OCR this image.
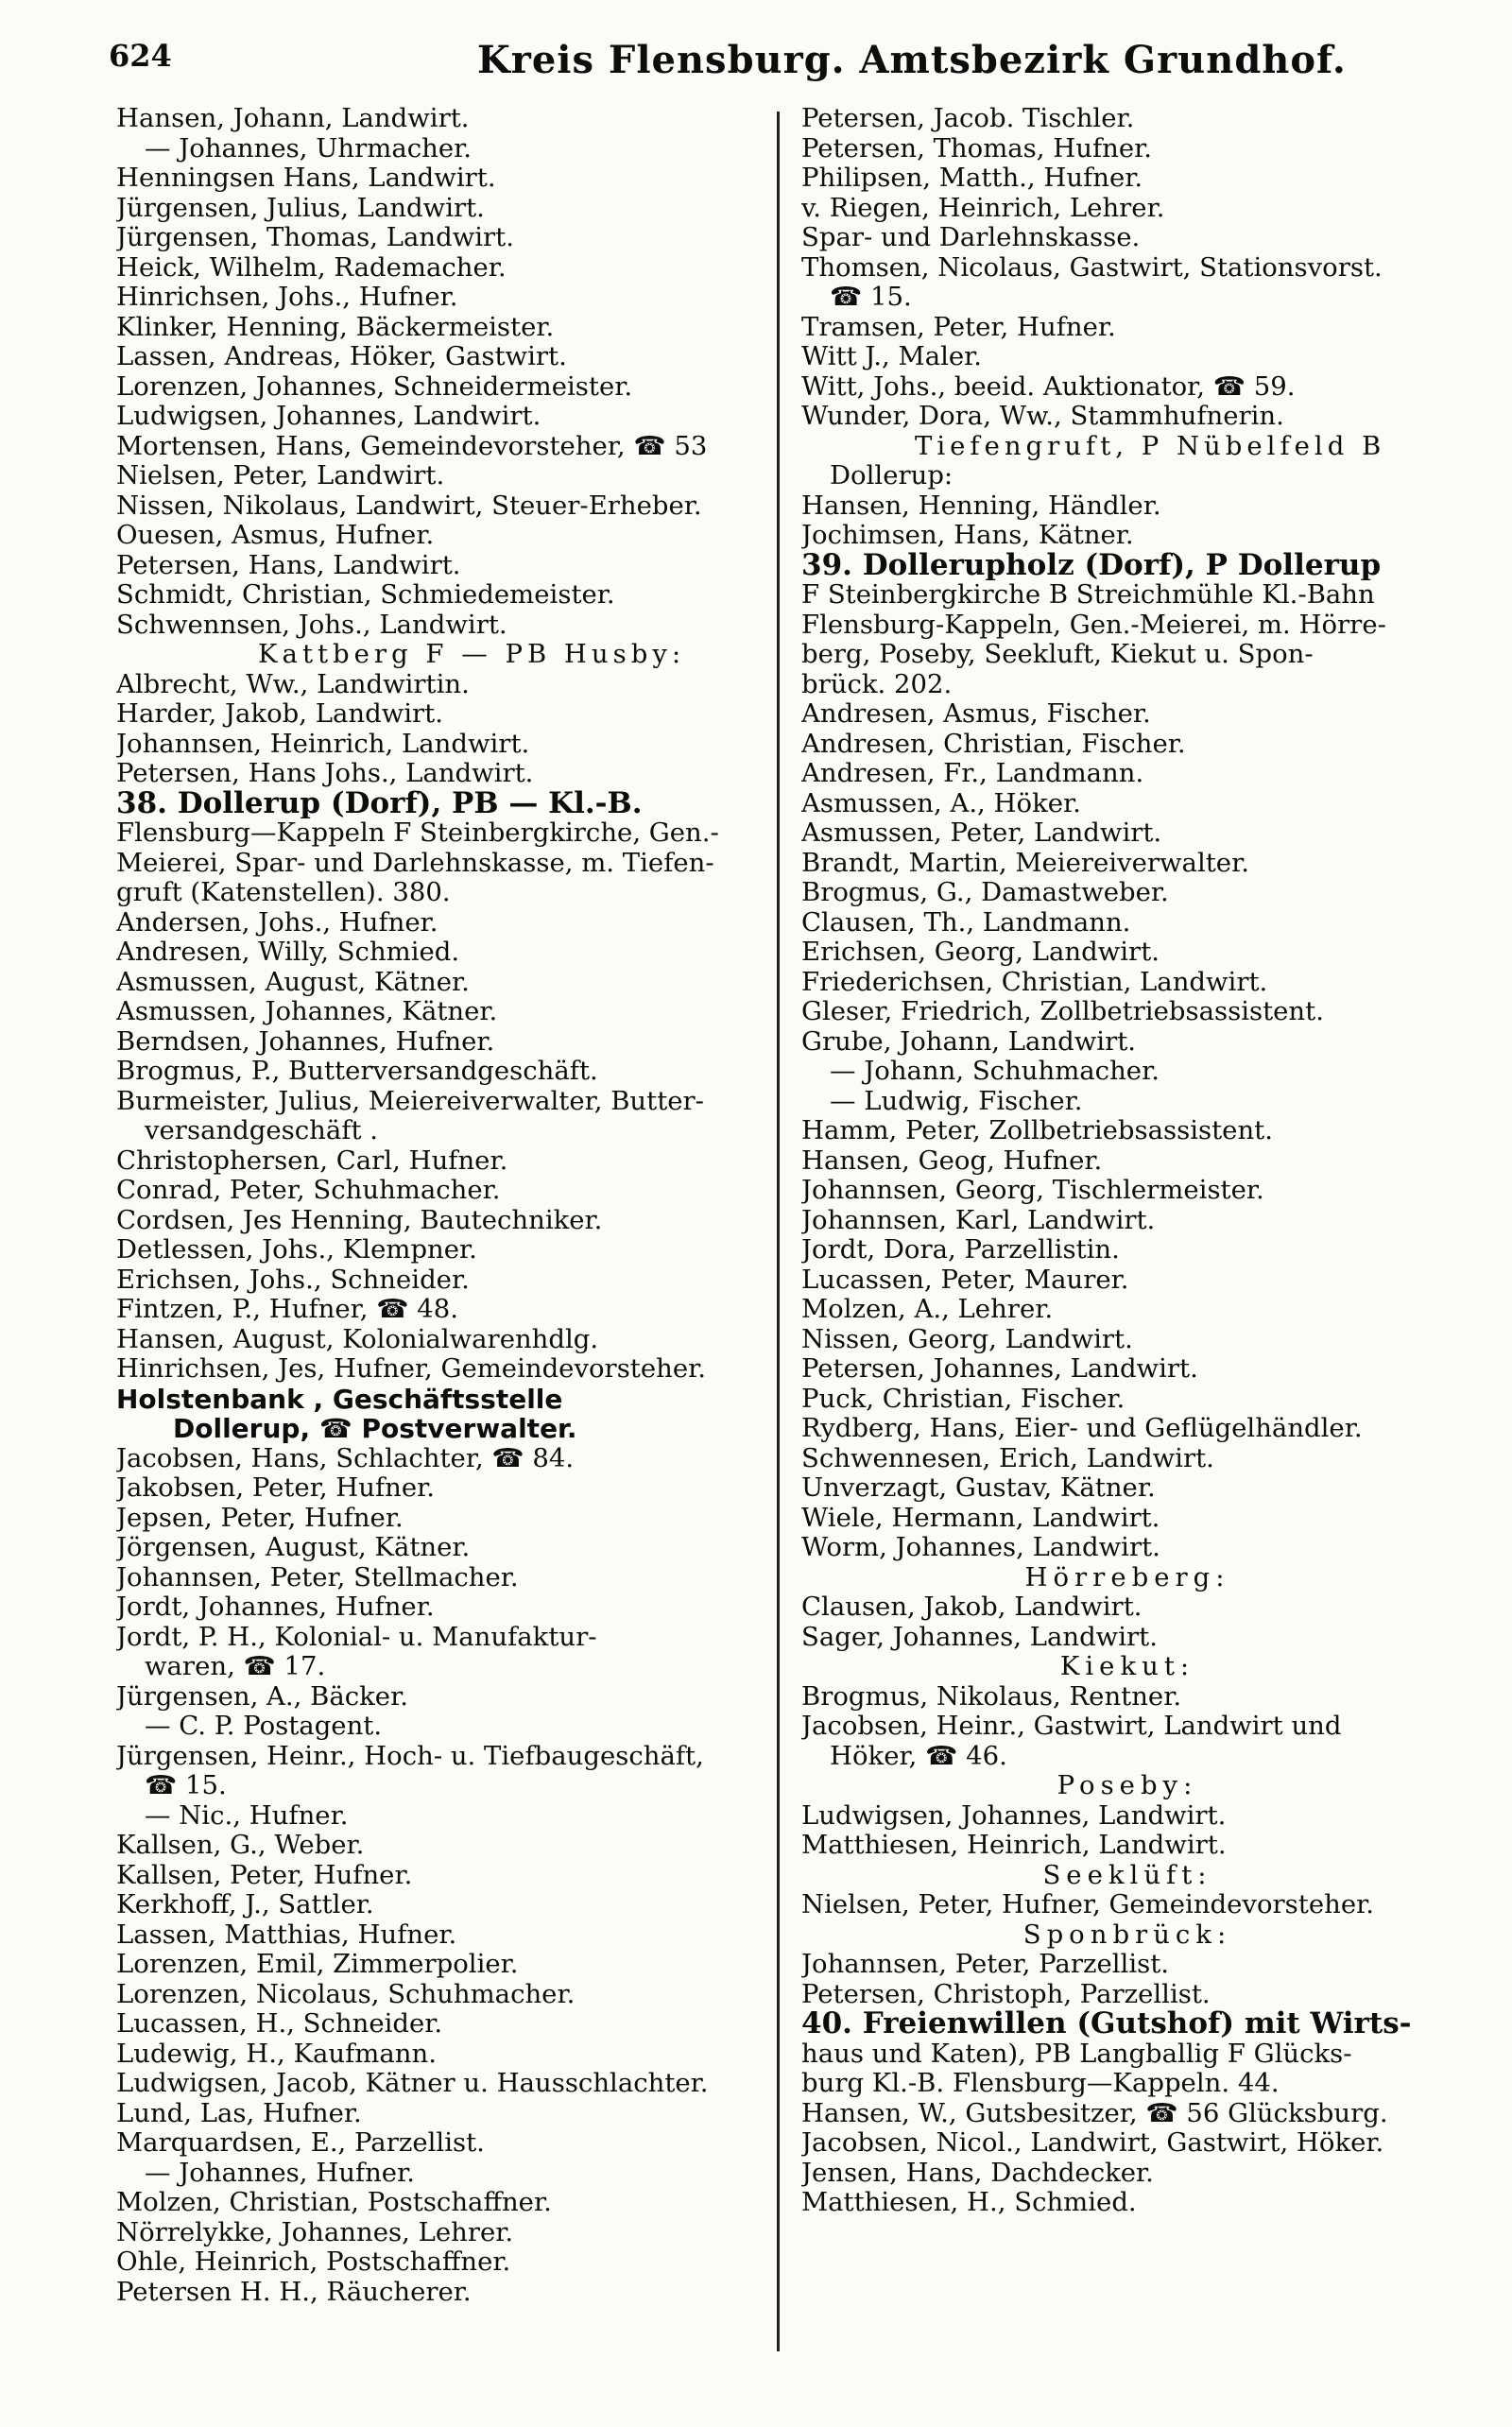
624	Kreis Flensburg. Amtsbezirk Grundhof.
Hansen, Johann, Landwirt.
— Johannes, Uhrmacher.
Henningsen Hans, Landwirt.
Jürgensen, Julius, Landwirt.
Jürgensen, Thomas, Landwirt.
Heick, Wilhelm, Rademacher.
Hinrichsen, Johs., Hufner.
Klinker, Henning, Bäckermeister.
Lassen, Andreas, Höker, Gastwirt.
Lorenzen, Johannes, Schneidermeister.
Ludwigsen, Johannes, Landwirt.
Mortensen, Hans, Gemeindevorsteher, ☎ 53
Nielsen, Peter, Landwirt.
Nissen, Nikolaus, Landwirt, Steuer-Erheber.
Ouesen, Asmus, Hufner.
Petersen, Hans, Landwirt.
Schmidt, Christian, Schmiedemeister.
Schwennsen, Johs., Landwirt.
Kattberg F — PB Husby:
Albrecht, Ww., Landwirtin.
Harder, Jakob, Landwirt.
Johannsen, Heinrich, Landwirt.
Petersen, Hans Johs., Landwirt.
38. Dollerup (Dorf), PB — Kl.-B.
Flensburg—Kappeln F Steinbergkirche, Gen.-
Meierei, Spar- und Darlehnskasse, m. Tiefen-
gruft (Katenstellen). 380.
Andersen, Johs., Hufner.
Andresen, Willy, Schmied.
Asmussen, August, Kätner.
Asmussen, Johannes, Kätner.
Berndsen, Johannes, Hufner.
Brogmus, P., Butterversandgeschäft.
Burmeister, Julius, Meiereiverwalter, Butter-
versandgeschäft .
Christophersen, Carl, Hufner.
Conrad, Peter, Schuhmacher.
Cordsen, Jes Henning, Bautechniker.
Detlessen, Johs., Klempner.
Erichsen, Johs., Schneider.
Fintzen, P., Hufner, ☎ 48.
Hansen, August, Kolonialwarenhdlg.
Hinrichsen, Jes, Hufner, Gemeindevorsteher.
Holstenbank , Geschäftsstelle
Dollerup, ☎ Postverwalter.
Jacobsen, Hans, Schlachter, ☎ 84.
Jakobsen, Peter, Hufner.
Jepsen, Peter, Hufner.
Jörgensen, August, Kätner.
Johannsen, Peter, Stellmacher.
Jordt, Johannes, Hufner.
Jordt, P. H., Kolonial- u. Manufaktur-
waren, ☎ 17.
Jürgensen, A., Bäcker.
— C. P. Postagent.
Jürgensen, Heinr., Hoch- u. Tiefbaugeschäft,
☎ 15.
— Nic., Hufner.
Kallsen, G., Weber.
Kallsen, Peter, Hufner.
Kerkhoff, J., Sattler.
Lassen, Matthias, Hufner.
Lorenzen, Emil, Zimmerpolier.
Lorenzen, Nicolaus, Schuhmacher.
Lucassen, H., Schneider.
Ludewig, H., Kaufmann.
Ludwigsen, Jacob, Kätner u. Hausschlachter.
Lund, Las, Hufner.
Marquardsen, E., Parzellist.
— Johannes, Hufner.
Molzen, Christian, Postschaffner.
Nörrelykke, Johannes, Lehrer.
Ohle, Heinrich, Postschaffner.
Petersen H. H., Räucherer.
Petersen, Jacob. Tischler.
Petersen, Thomas, Hufner.
Philipsen, Matth., Hufner.
v. Riegen, Heinrich, Lehrer.
Spar- und Darlehnskasse.
Thomsen, Nicolaus, Gastwirt, Stationsvorst.
☎ 15.
Tramsen, Peter, Hufner.
Witt J., Maler.
Witt, Johs., beeid. Auktionator, ☎ 59.
Wunder, Dora, Ww., Stammhufnerin.
Tiefengruft, P Nübelfeld B
Dollerup:
Hansen, Henning, Händler.
Jochimsen, Hans, Kätner.
39. Dollerupholz (Dorf), P Dollerup
F Steinbergkirche B Streichmühle Kl.-Bahn
Flensburg-Kappeln, Gen.-Meierei, m. Hörre-
berg, Poseby, Seekluft, Kiekut u. Spon-
brück. 202.
Andresen, Asmus, Fischer.
Andresen, Christian, Fischer.
Andresen, Fr., Landmann.
Asmussen, A., Höker.
Asmussen, Peter, Landwirt.
Brandt, Martin, Meiereiverwalter.
Brogmus, G., Damastweber.
Clausen, Th., Landmann.
Erichsen, Georg, Landwirt.
Friederichsen, Christian, Landwirt.
Gleser, Friedrich, Zollbetriebsassistent.
Grube, Johann, Landwirt.
— Johann, Schuhmacher.
— Ludwig, Fischer.
Hamm, Peter, Zollbetriebsassistent.
Hansen, Geog, Hufner.
Johannsen, Georg, Tischlermeister.
Johannsen, Karl, Landwirt.
Jordt, Dora, Parzellistin.
Lucassen, Peter, Maurer.
Molzen, A., Lehrer.
Nissen, Georg, Landwirt.
Petersen, Johannes, Landwirt.
Puck, Christian, Fischer.
Rydberg, Hans, Eier- und Geflügelhändler.
Schwennesen, Erich, Landwirt.
Unverzagt, Gustav, Kätner.
Wiele, Hermann, Landwirt.
Worm, Johannes, Landwirt.
Hörreberg:
Clausen, Jakob, Landwirt.
Sager, Johannes, Landwirt.
Kiekut:
Brogmus, Nikolaus, Rentner.
Jacobsen, Heinr., Gastwirt, Landwirt und
Höker, ☎ 46.
Poseby:
Ludwigsen, Johannes, Landwirt.
Matthiesen, Heinrich, Landwirt.
Seeklüft:
Nielsen, Peter, Hufner, Gemeindevorsteher.
Sponbrück:
Johannsen, Peter, Parzellist.
Petersen, Christoph, Parzellist.
40. Freienwillen (Gutshof) mit Wirts-
haus und Katen), PB Langballig F Glücks-
burg Kl.-B. Flensburg—Kappeln. 44.
Hansen, W., Gutsbesitzer, ☎ 56 Glücksburg.
Jacobsen, Nicol., Landwirt, Gastwirt, Höker.
Jensen, Hans, Dachdecker.
Matthiesen, H., Schmied.
